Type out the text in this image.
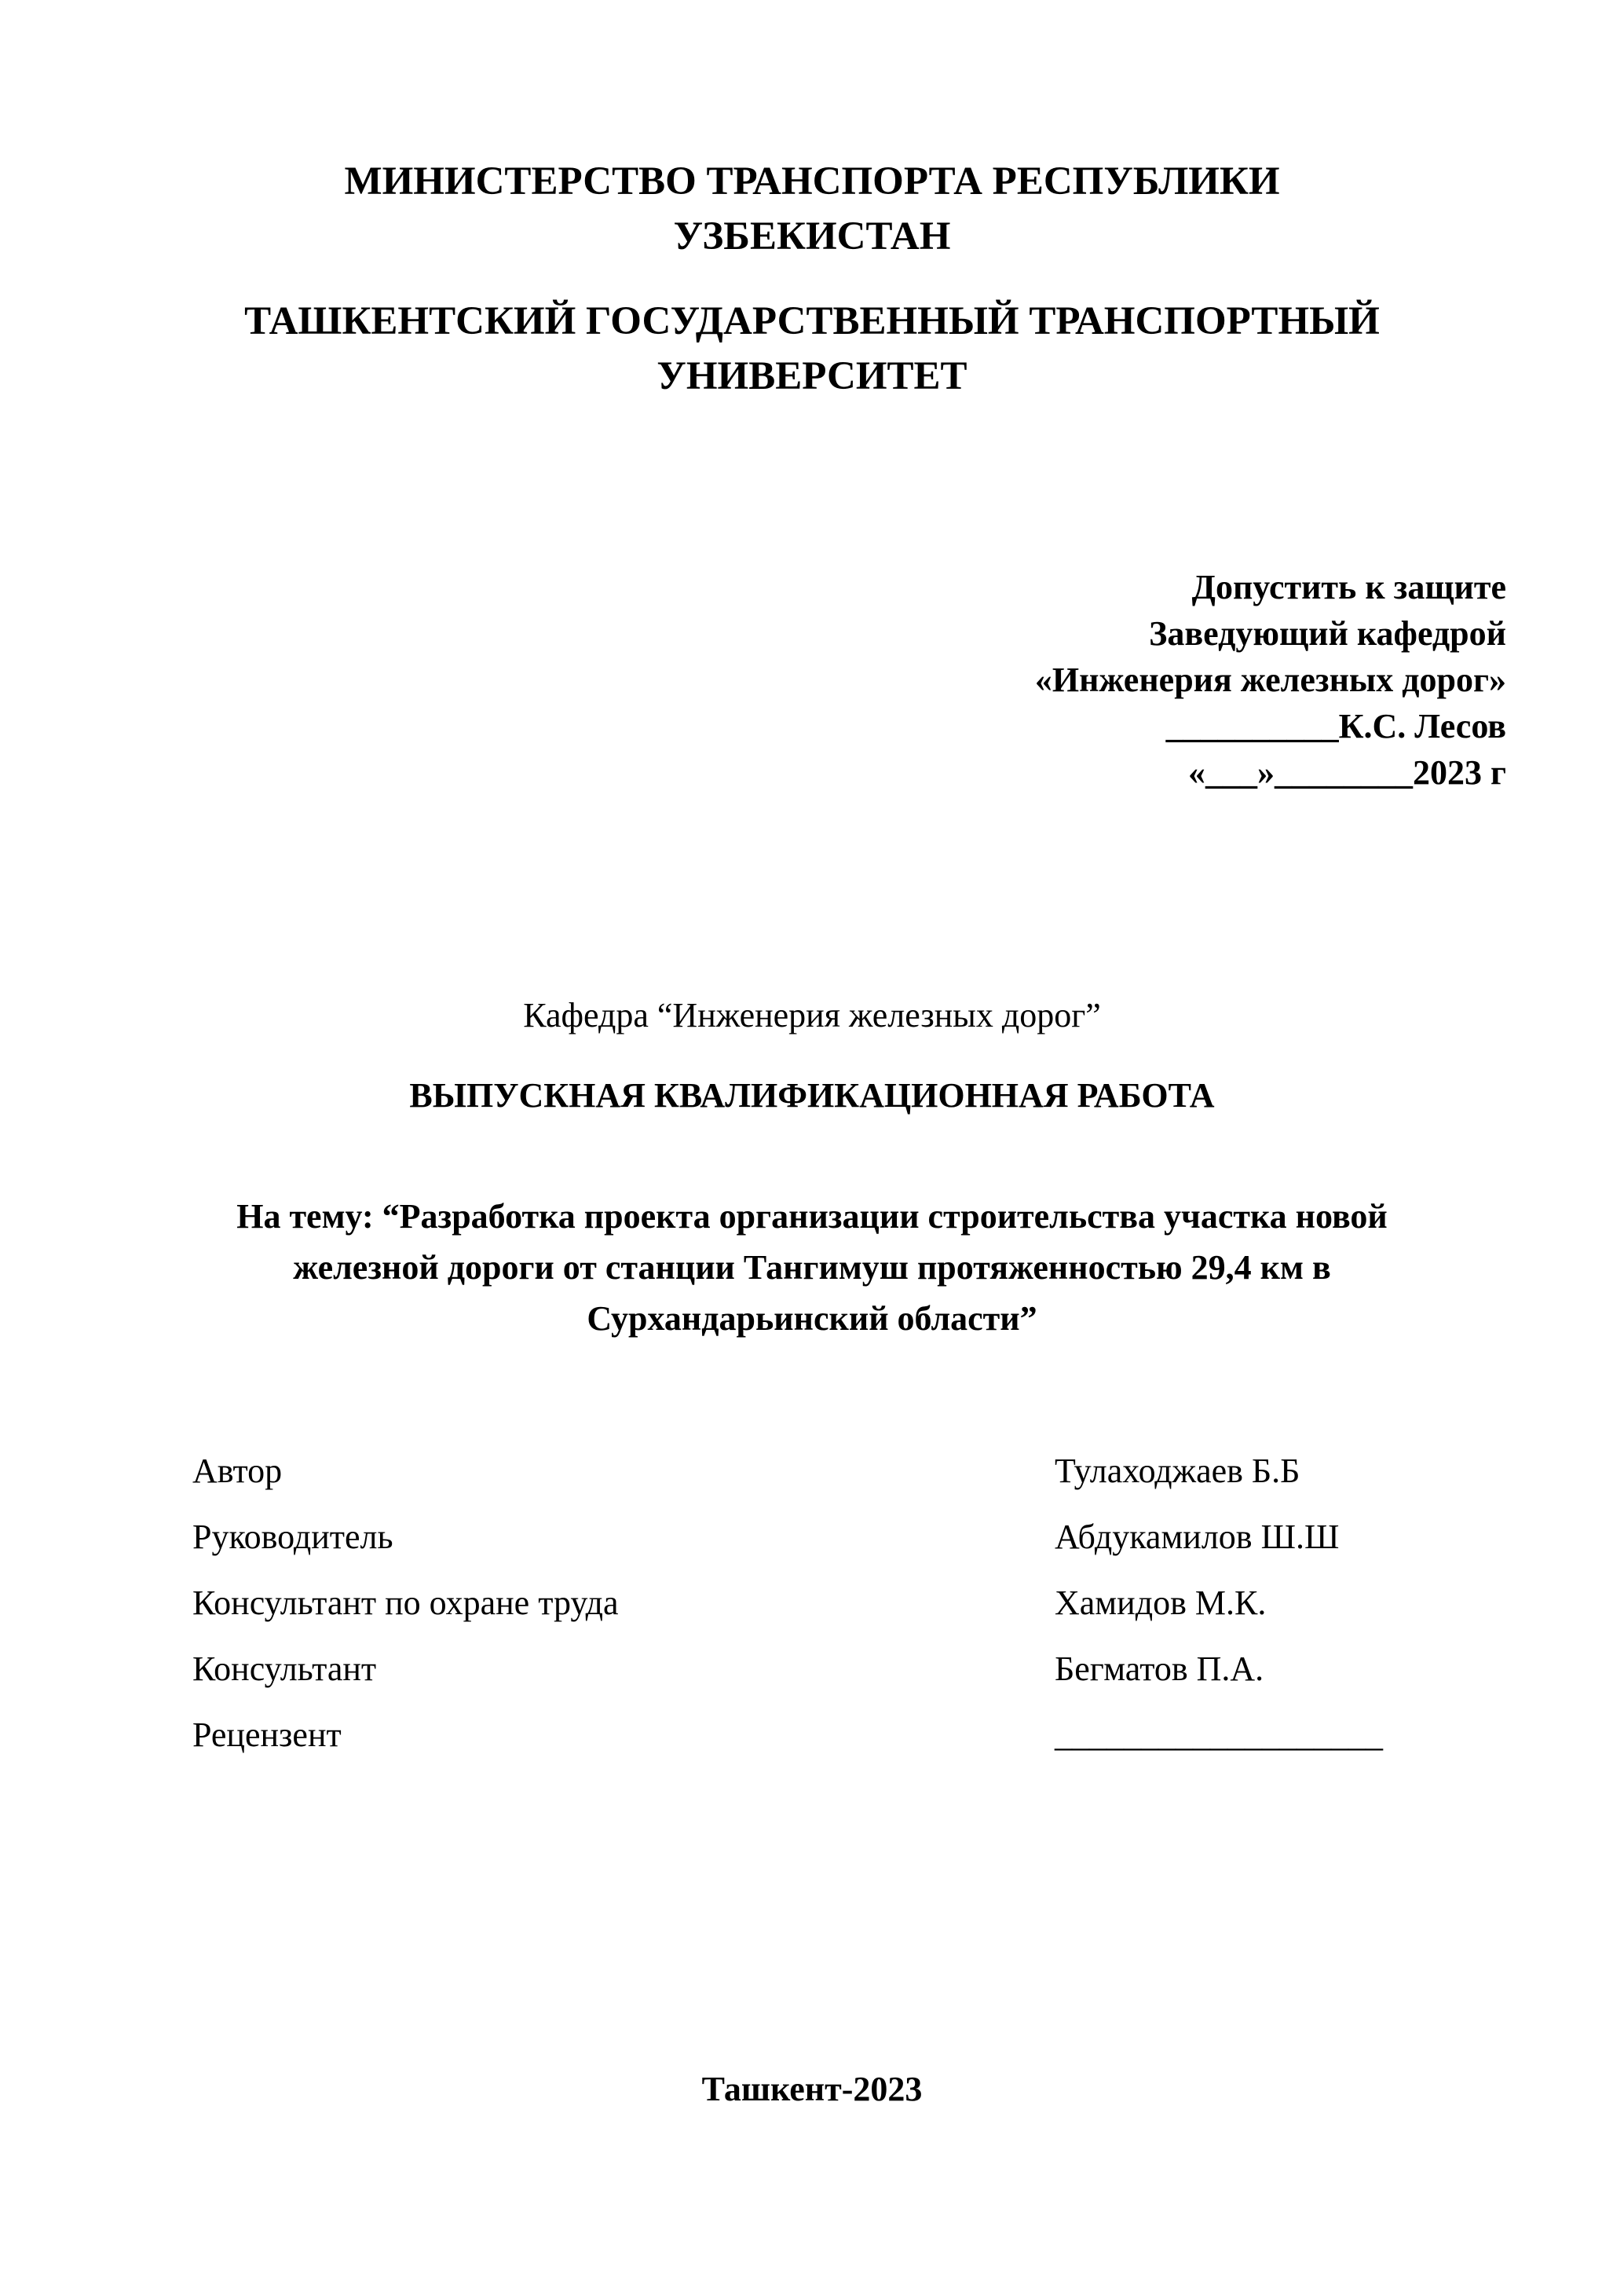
МИНИСТЕРСТВО ТРАНСПОРТА РЕСПУБЛИКИ
УЗБЕКИСТАН
ТАШКЕНТСКИЙ ГОСУДАРСТВЕННЫЙ ТРАНСПОРТНЫЙ
УНИВЕРСИТЕТ
Допустить к защите
Заведующий кафедрой
«Инженерия железных дорог»
__________К.С. Лесов
«___»________2023 г
Кафедра “Инженерия железных дорог”
ВЫПУСКНАЯ КВАЛИФИКАЦИОННАЯ РАБОТА
На тему: “Разработка проекта организации строительства участка новой
железной дороги от станции Тангимуш протяженностью 29,4 км в
Сурхандарьинский области”
Автор	Тулаходжаев Б.Б
Руководитель	Абдукамилов Ш.Ш
Консультант по охране труда	Хамидов М.К.
Консультант	Бегматов П.А.
Рецензент	___________________
Ташкент-2023
